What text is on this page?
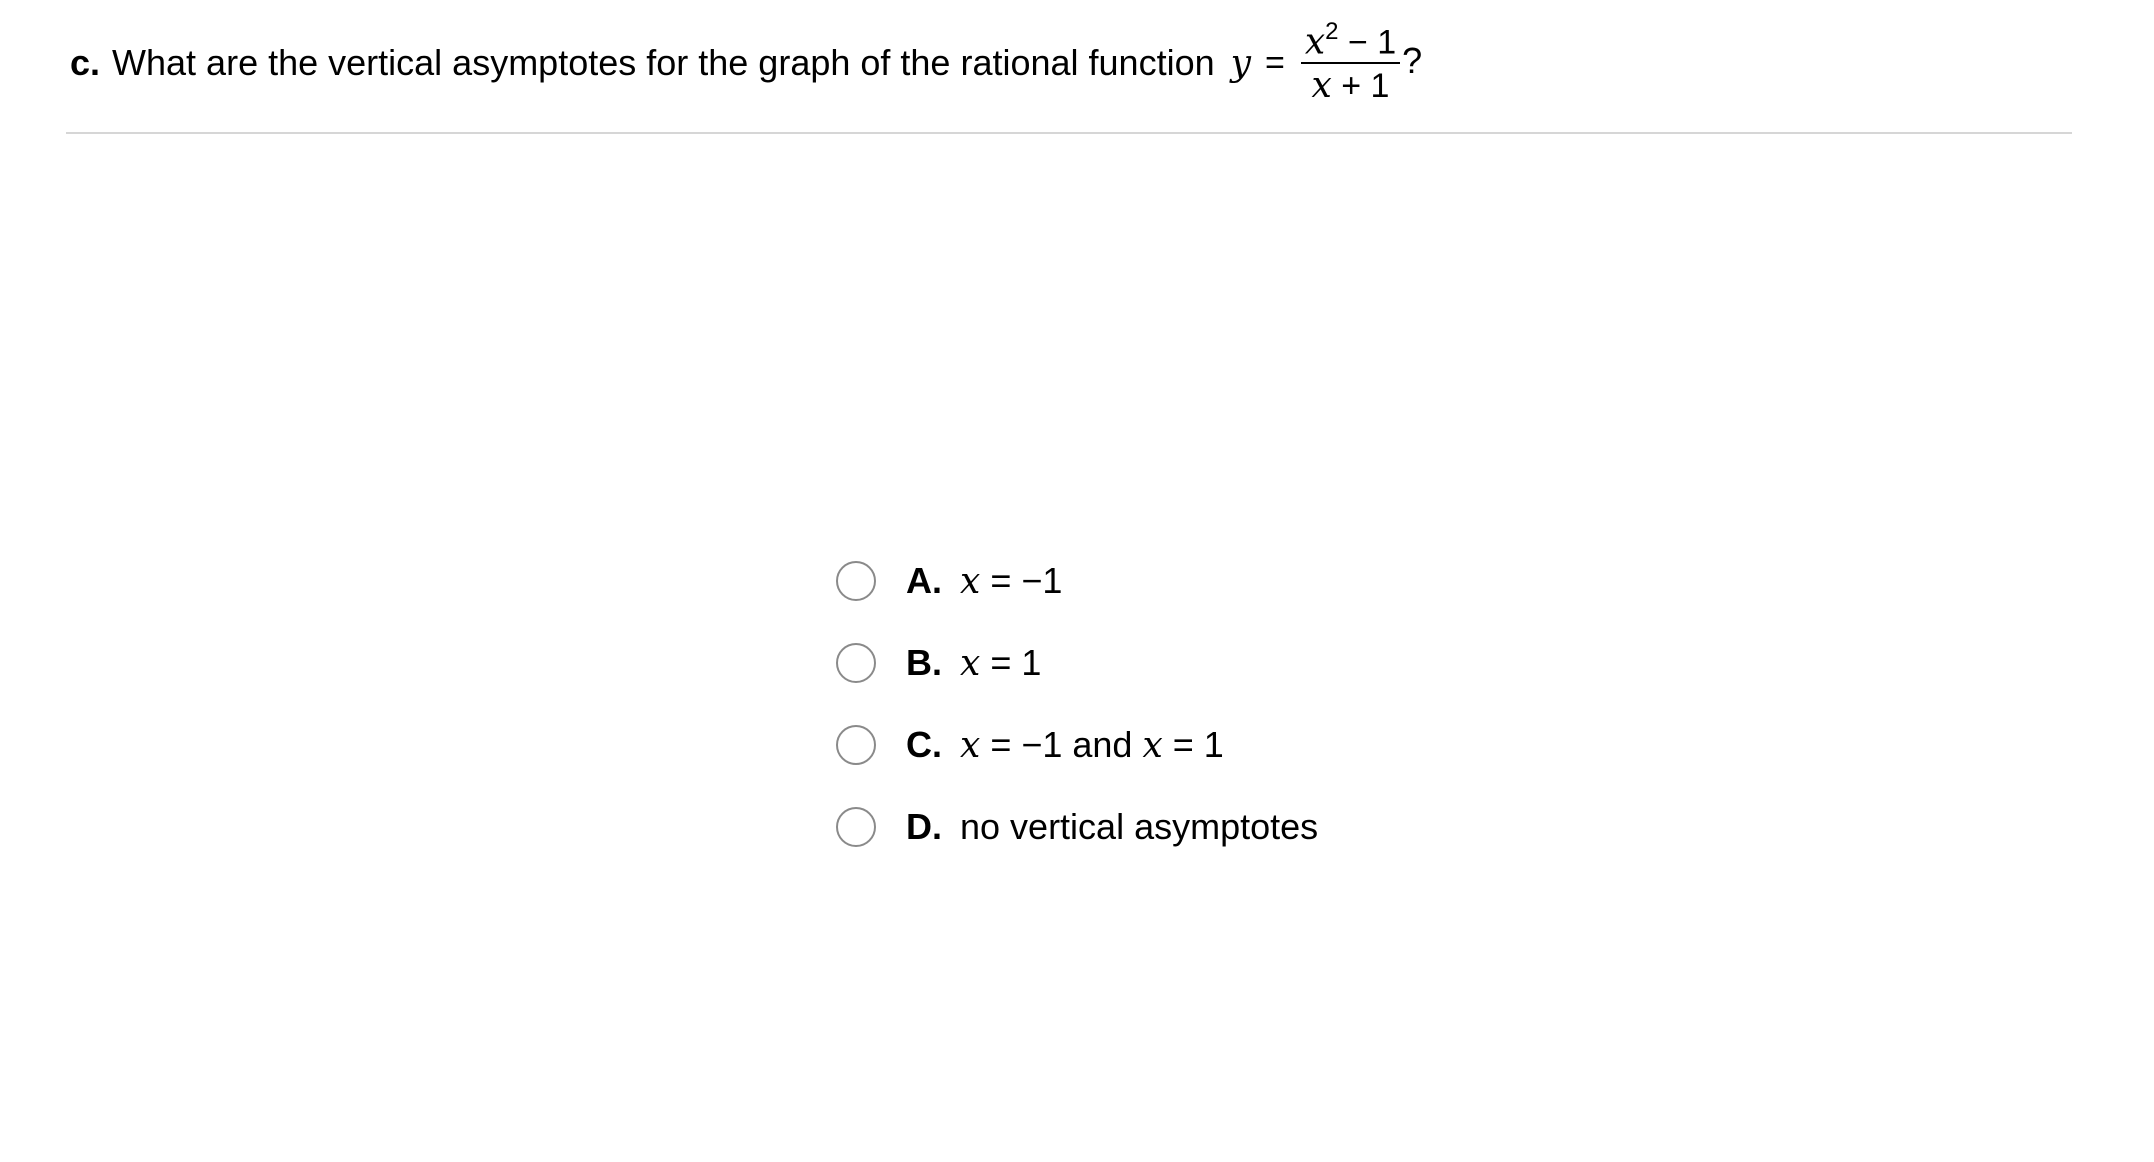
c. What are the vertical asymptotes for the graph of the rational function $y = \frac{x^2 - 1}{x + 1}$ ?
A. x = −1
B. x = 1
C. x = −1 and x = 1
D. no vertical asymptotes
